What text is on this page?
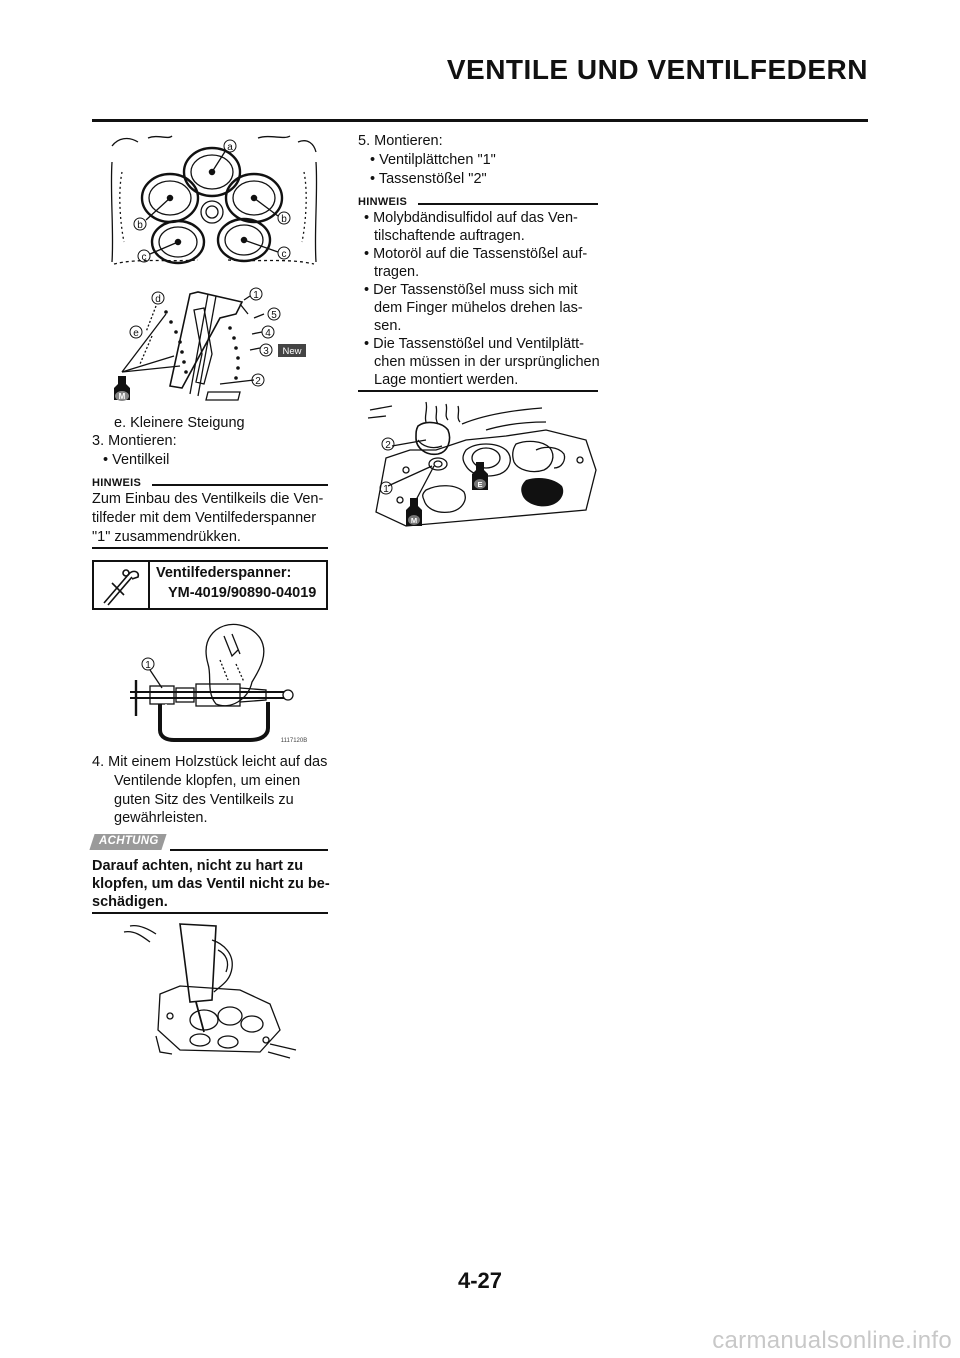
VENTILE UND VENTILFEDERN
a
b
b
c	c
d
e
1
5
4
3
2
New
M
e. Kleinere Steigung
3. Montieren:
• Ventilkeil
HINWEIS
Zum Einbau des Ventilkeils die Ven-
tilfeder mit dem Ventilfederspanner
"1" zusammendrükken.
Ventilfederspanner:
YM-4019/90890-04019
1
1117120B
4. Mit einem Holzstück leicht auf das
Ventilende klopfen, um einen
guten Sitz des Ventilkeils zu
gewährleisten.
ACHTUNG
Darauf achten, nicht zu hart zu
klopfen, um das Ventil nicht zu be-
schädigen.
5. Montieren:
• Ventilplättchen "1"
• Tassenstößel "2"
HINWEIS
• Molybdändisulfidol auf das Ven-
tilschaftende auftragen.
• Motoröl auf die Tassenstößel auf-
tragen.
• Der Tassenstößel muss sich mit
dem Finger mühelos drehen las-
sen.
• Die Tassenstößel und Ventilplätt-
chen müssen in der ursprünglichen
Lage montiert werden.
2
1	E
M
4-27
carmanualsonline.info
